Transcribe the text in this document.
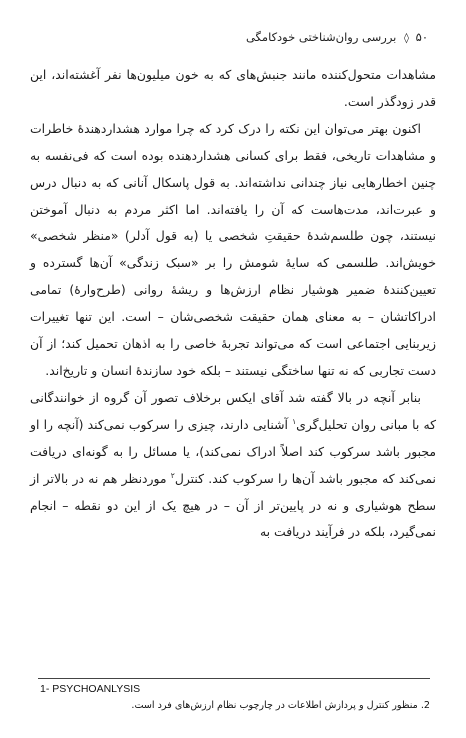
۵۰ ◊ بررسی روان‌شناختی خودکامگی

مشاهدات متحول‌کننده مانند جنبش‌های که به خون میلیون‌ها نفر آغشته‌اند، این قدر زودگذر است.

اکنون بهتر می‌توان این نکته را درک کرد که چرا موارد هشداردهندهٔ خاطرات و مشاهدات تاریخی، فقط برای کسانی هشداردهنده بوده است که فی‌نفسه به چنین اخطارهایی نیاز چندانی نداشته‌اند. به قول پاسکال آنانی که به دنبال درس و عبرت‌اند، مدت‌هاست که آن را یافته‌اند. اما اکثر مردم به دنبال آموختن نیستند، چون طلسم‌شدهٔ حقیقتِ شخصی یا (به قول آدلر) «منظر شخصی» خویش‌اند. طلسمی که سایهٔ شومش را بر «سبک زندگی» آن‌ها گسترده و تعیین‌کنندهٔ ضمیر هوشیار نظام ارزش‌ها و ریشهٔ روانی (طرح‌وارهٔ) تمامی ادراکاتشان – به معنای همان حقیقت شخصی‌شان – است. این تنها تغییرات زیربنایی اجتماعی است که می‌تواند تجربهٔ خاصی را به اذهان تحمیل کند؛ از آن دست تجاربی که نه تنها ساختگی نیستند – بلکه خود سازندهٔ انسان و تاریخ‌اند.

بنابر آنچه در بالا گفته شد آقای ایکس برخلاف تصور آن گروه از خوانندگانی که با مبانی روان تحلیل‌گری$^۱$ آشنایی دارند، چیزی را سرکوب نمی‌کند (آنچه را او مجبور باشد سرکوب کند اصلاً ادراک نمی‌کند)، یا مسائل را به گونه‌ای دریافت نمی‌کند که مجبور باشد آن‌ها را سرکوب کند. کنترل$^۲$ موردنظر هم نه در بالاتر از سطح هوشیاری و نه در پایین‌تر از آن – در هیچ یک از این دو نقطه – انجام نمی‌گیرد، بلکه در فرآیند دریافت به

1- PSYCHOANLYSIS
2. منظور کنترل و پردازش اطلاعات در چارچوب نظام ارزش‌های فرد است.
